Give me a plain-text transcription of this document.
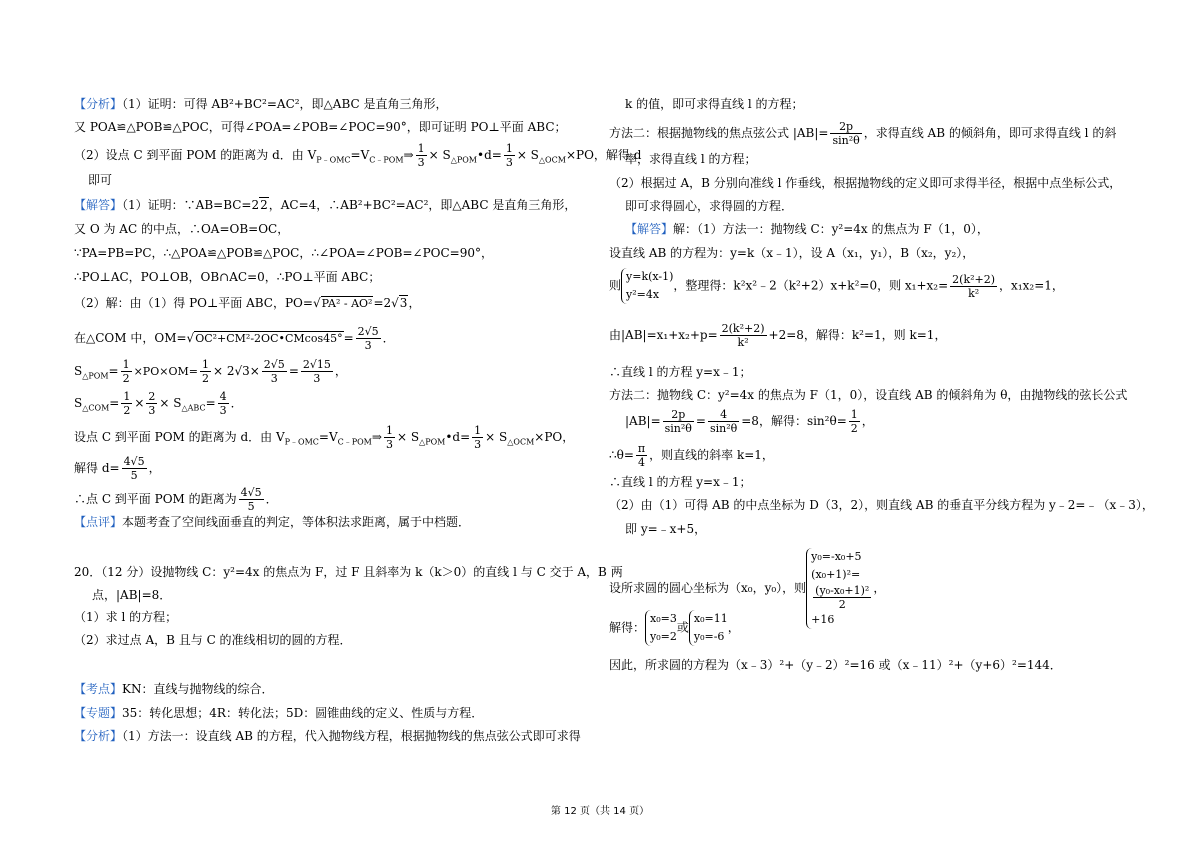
【分析】（1）证明：可得 AB²+BC²=AC²，即△ABC 是直角三角形，
又 POA≌△POB≌△POC，可得∠POA=∠POB=∠POC=90°，即可证明 PO⊥平面 ABC；
（2）设点 C 到平面 POM 的距离为 d．由 $V_{P﹣OMC}=V_{C﹣POM}\Rightarrow \frac{1}{3}$ × $S_{\triangle POM}•d= \frac{1}{3} \times S_{\triangle OCM}\times PO$，解得 d
即可
【解答】（1）证明：∵AB=BC=22，AC=4，∴AB²+BC²=AC²，即△ABC 是直角三角形，
又 O 为 AC 的中点，∴OA=OB=OC，
∵PA=PB=PC，∴△POA≌△POB≌△POC，∴∠POA=∠POB=∠POC=90°，
∴PO⊥AC，PO⊥OB，OB∩AC=0，∴PO⊥平面 ABC；
（2）解：由（1）得 PO⊥平面 ABC，PO=√PA² - AO²=2√3，
在△COM 中，OM=√OC²+CM²-2OC•CMcos45°= $\frac{2√5}{3}$ ．
$S_{\triangle POM}= \frac{1}{2} \times PO\times OM= \frac{1}{2} \times 2√3\times \frac{2√5}{3} = \frac{2√15}{3}$ ，
$S_{\triangle COM}= \frac{1}{2} \times \frac{2}{3} \times S_{\triangle ABC}= \frac{4}{3}$ ．
设点 C 到平面 POM 的距离为 d．由 $V_{P﹣OMC}=V_{C﹣POM}\Rightarrow \frac{1}{3}$ × $S_{\triangle POM}•d= \frac{1}{3} \times S_{\triangle OCM}\times PO$，
解得 $d= \frac{4√5}{5}$ ，
∴点 C 到平面 POM 的距离为 $\frac{4√5}{5}$ ．
【点评】本题考查了空间线面垂直的判定，等体积法求距离，属于中档题．
20．（12 分）设抛物线 C：y²=4x 的焦点为 F，过 F 且斜率为 k（k＞0）的直线 l 与 C 交于 A，B 两
点，|AB|=8．
（1）求 l 的方程；
（2）求过点 A，B 且与 C 的准线相切的圆的方程．
【考点】KN：直线与抛物线的综合．
【专题】35：转化思想；4R：转化法；5D：圆锥曲线的定义、性质与方程．
【分析】（1）方法一：设直线 AB 的方程，代入抛物线方程，根据抛物线的焦点弦公式即可求得
k 的值，即可求得直线 l 的方程；
方法二：根据抛物线的焦点弦公式 $|AB|= \frac{2p}{\text{sin²θ}}$ ，求得直线 AB 的倾斜角，即可求得直线 l 的斜
率，求得直线 l 的方程；
（2）根据过 A，B 分别向准线 l 作垂线，根据抛物线的定义即可求得半径，根据中点坐标公式，
即可求得圆心，求得圆的方程．
【解答】解：（1）方法一：抛物线 C：y²=4x 的焦点为 F（1，0），
设直线 AB 的方程为：y=k（x﹣1），设 A（x₁，y₁），B（x₂，y₂），
则
y=k(x-1)
y²=4x
，整理得：k²x²﹣2（k²+2）x+k²=0，则 $x_1+x_2= \frac{\text{2(k²+2)}}{\text{k²}}$ ，x₁x₂=1，
由$|AB|=x_1+x_2+p= \frac{\text{2(k²+2)}}{\text{k²}} +2=8$，解得：k²=1，则 k=1，
∴直线 l 的方程 y=x﹣1；
方法二：抛物线 C：y²=4x 的焦点为 F（1，0），设直线 AB 的倾斜角为 θ，由抛物线的弦长公式
$|AB|= \frac{2p}{\text{sin²θ}} = \frac{4}{\text{sin²θ}} =8$，解得：$\sin^2\theta= \frac{1}{2}$ ，
∴θ= $\frac{\pi}{4}$ ，则直线的斜率 k=1，
∴直线 l 的方程 y=x﹣1；
（2）由（1）可得 AB 的中点坐标为 D（3，2），则直线 AB 的垂直平分线方程为 y﹣2=﹣（x﹣3），
即 y=﹣x+5，
设所求圆的圆心坐标为（x₀，y₀），则
y₀=-x₀+5
(x₀+1)²=
(y₀-x₀+1)²
2
+16
，
解得：
x₀=3
y₀=2
或
x₀=11
y₀=-6
，
因此，所求圆的方程为（x﹣3）²+（y﹣2）²=16 或（x﹣11）²+（y+6）²=144．
第 12 页（共 14 页）
